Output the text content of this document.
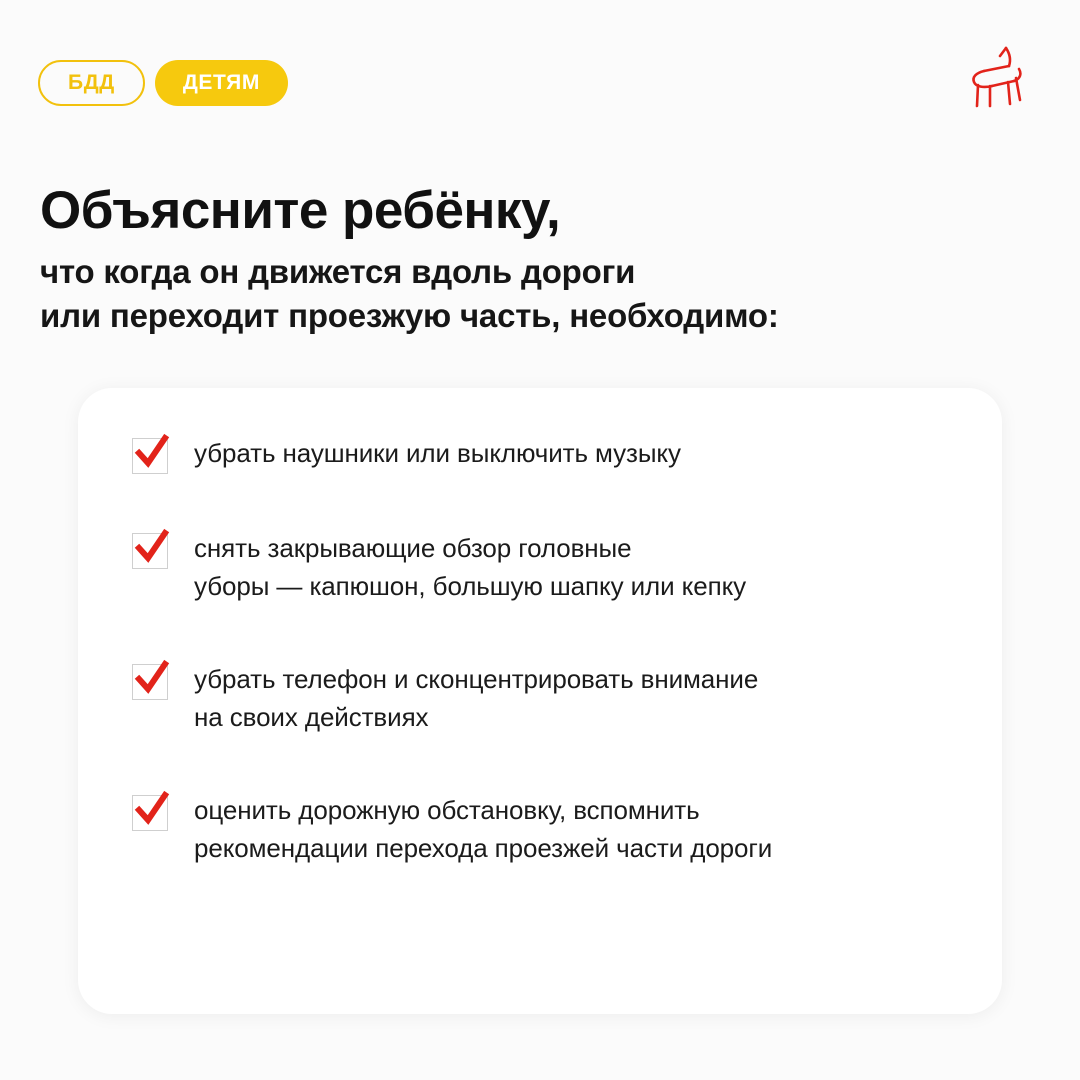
БДД	ДЕТЯМ
Объясните ребёнку,
что когда он движется вдоль дороги
или переходит проезжую часть, необходимо:
убрать наушники или выключить музыку
снять закрывающие обзор головные
уборы — капюшон, большую шапку или кепку
убрать телефон и сконцентрировать внимание
на своих действиях
оценить дорожную обстановку, вспомнить
рекомендации перехода проезжей части дороги
